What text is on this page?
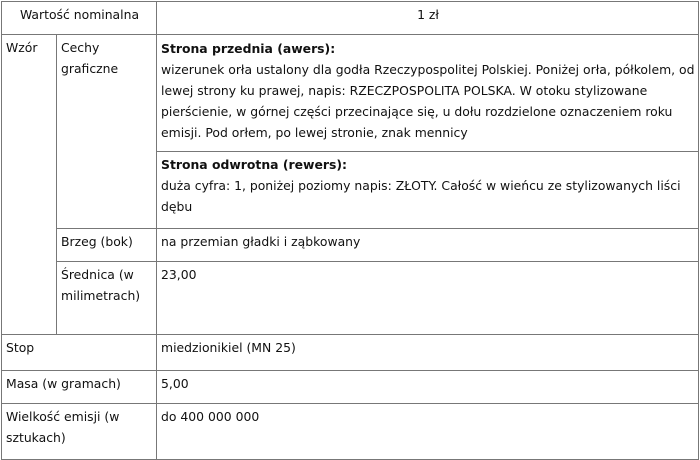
Wartość nominalna		1 zł
Wzór	Cechy graficzne	Strona przednia (awers):
wizerunek orła ustalony dla godła Rzeczypospolitej Polskiej. Poniżej orła, półkolem, od lewej strony ku prawej, napis: RZECZPOSPOLITA POLSKA. W otoku stylizowane pierścienie, w górnej części przecinające się, u dołu rozdzielone oznaczeniem roku emisji. Pod orłem, po lewej stronie, znak mennicy
Strona odwrotna (rewers):
duża cyfra: 1, poniżej poziomy napis: ZŁOTY. Całość w wieńcu ze stylizowanych liści dębu

	Brzeg (bok)	na przemian gładki i ząbkowany
	Średnica (w milimetrach)	23,00
Stop		miedzionikiel (MN 25)
Masa (w gramach)		5,00
Wielkość emisji (w sztukach)		do 400 000 000
